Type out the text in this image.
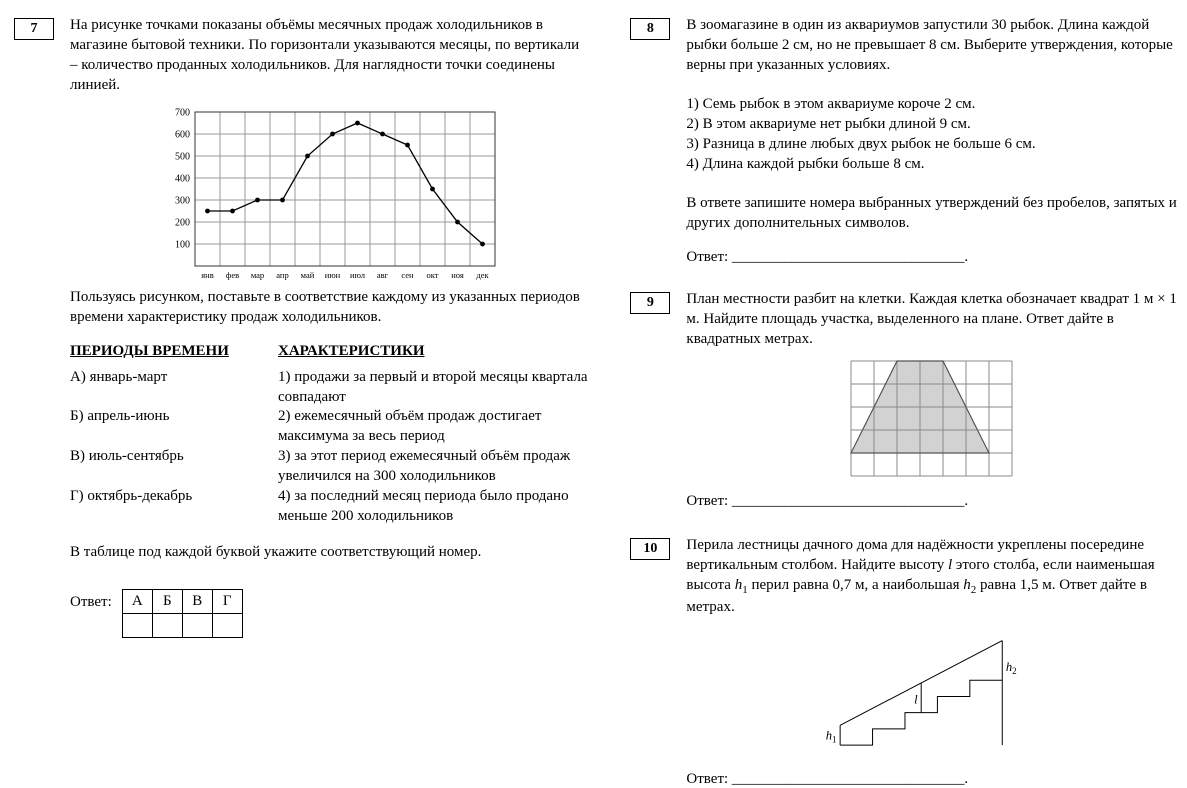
7	На рисунке точками показаны объёмы месячных продаж холодильников в магазине бытовой техники. По горизонтали указываются месяцы, по вертикали – количество проданных холодильников. Для наглядности точки соединены линией.

100
200
300
400
500
600
700
янв фев мар апр май июн июл авг сен окт ноя дек

Пользуясь рисунком, поставьте в соответствие каждому из указанных периодов времени характеристику продаж холодильников.

ПЕРИОДЫ ВРЕМЕНИ	ХАРАКТЕРИСТИКИ
А) январь-март	1) продажи за первый и второй месяцы квартала совпадают
Б) апрель-июнь	2) ежемесячный объём продаж достигает максимума за весь период
В) июль-сентябрь	3) за этот период ежемесячный объём продаж увеличился на 300 холодильников
Г) октябрь-декабрь	4) за последний месяц периода было продано меньше 200 холодильников

В таблице под каждой буквой укажите соответствующий номер.

Ответ: А	Б	В	Г

8	В зоомагазине в один из аквариумов запустили 30 рыбок. Длина каждой рыбки больше 2 см, но не превышает 8 см. Выберите утверждения, которые верны при указанных условиях.

1) Семь рыбок в этом аквариуме короче 2 см.

2) В этом аквариуме нет рыбки длиной 9 см.

3) Разница в длине любых двух рыбок не больше 6 см.

4) Длина каждой рыбки больше 8 см.

В ответе запишите номера выбранных утверждений без пробелов, запятых и других дополнительных символов.

Ответ: _______________________________.

9	План местности разбит на клетки. Каждая клетка обозначает квадрат 1 м × 1 м. Найдите площадь участка, выделенного на плане. Ответ дайте в квадратных метрах.

Ответ: _______________________________.

10	Перила лестницы дачного дома для надёжности укреплены посередине вертикальным столбом. Найдите высоту l этого столба, если наименьшая высота $h_1$ перил равна 0,7 м, а наибольшая $h_2$ равна 1,5 м. Ответ дайте в метрах.

$h_1$
l
$h_2$

Ответ: _______________________________.
